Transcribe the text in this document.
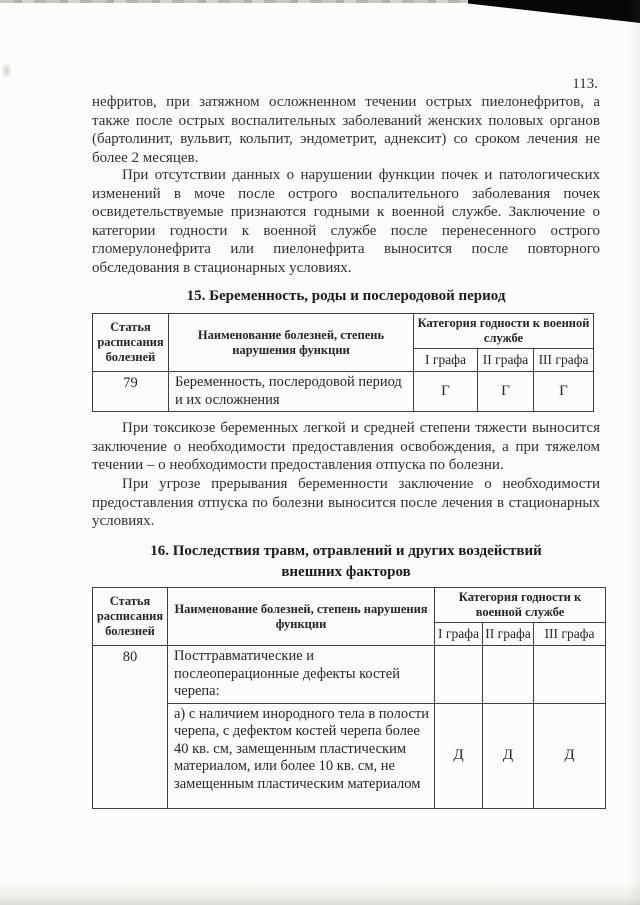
113.

нефритов, при затяжном осложненном течении острых пиелонефритов, а также после острых воспалительных заболеваний женских половых органов (бартолинит, вульвит, кольпит, эндометрит, аднексит) со сроком лечения не более 2 месяцев.

При отсутствии данных о нарушении функции почек и патологических изменений в моче после острого воспалительного заболевания почек освидетельствуемые признаются годными к военной службе. Заключение о категории годности к военной службе после перенесенного острого гломерулонефрита или пиелонефрита выносится после повторного обследования в стационарных условиях.

15. Беременность, роды и послеродовой период
Статья расписания болезней	Наименование болезней, степень нарушения функции	Категория годности к военной службе		
		I графа	II графа	III графа
79	Беременность, послеродовой период и их осложнения	Г	Г	Г

При токсикозе беременных легкой и средней степени тяжести выносится заключение о необходимости предоставления освобождения, а при тяжелом течении – о необходимости предоставления отпуска по болезни.

При угрозе прерывания беременности заключение о необходимости предоставления отпуска по болезни выносится после лечения в стационарных условиях.

16. Последствия травм, отравлений и других воздействий
внешних факторов
Статья расписания болезней	Наименование болезней, степень нарушения функции	Категория годности к военной службе		
		I графа	II графа	III графа
80	Посттравматические и послеоперационные дефекты костей черепа:			
	а) с наличием инородного тела в полости черепа, с дефектом костей черепа более 40 кв. см, замещенным пластическим материалом, или более 10 кв. см, не замещенным пластическим материалом	Д	Д	Д
